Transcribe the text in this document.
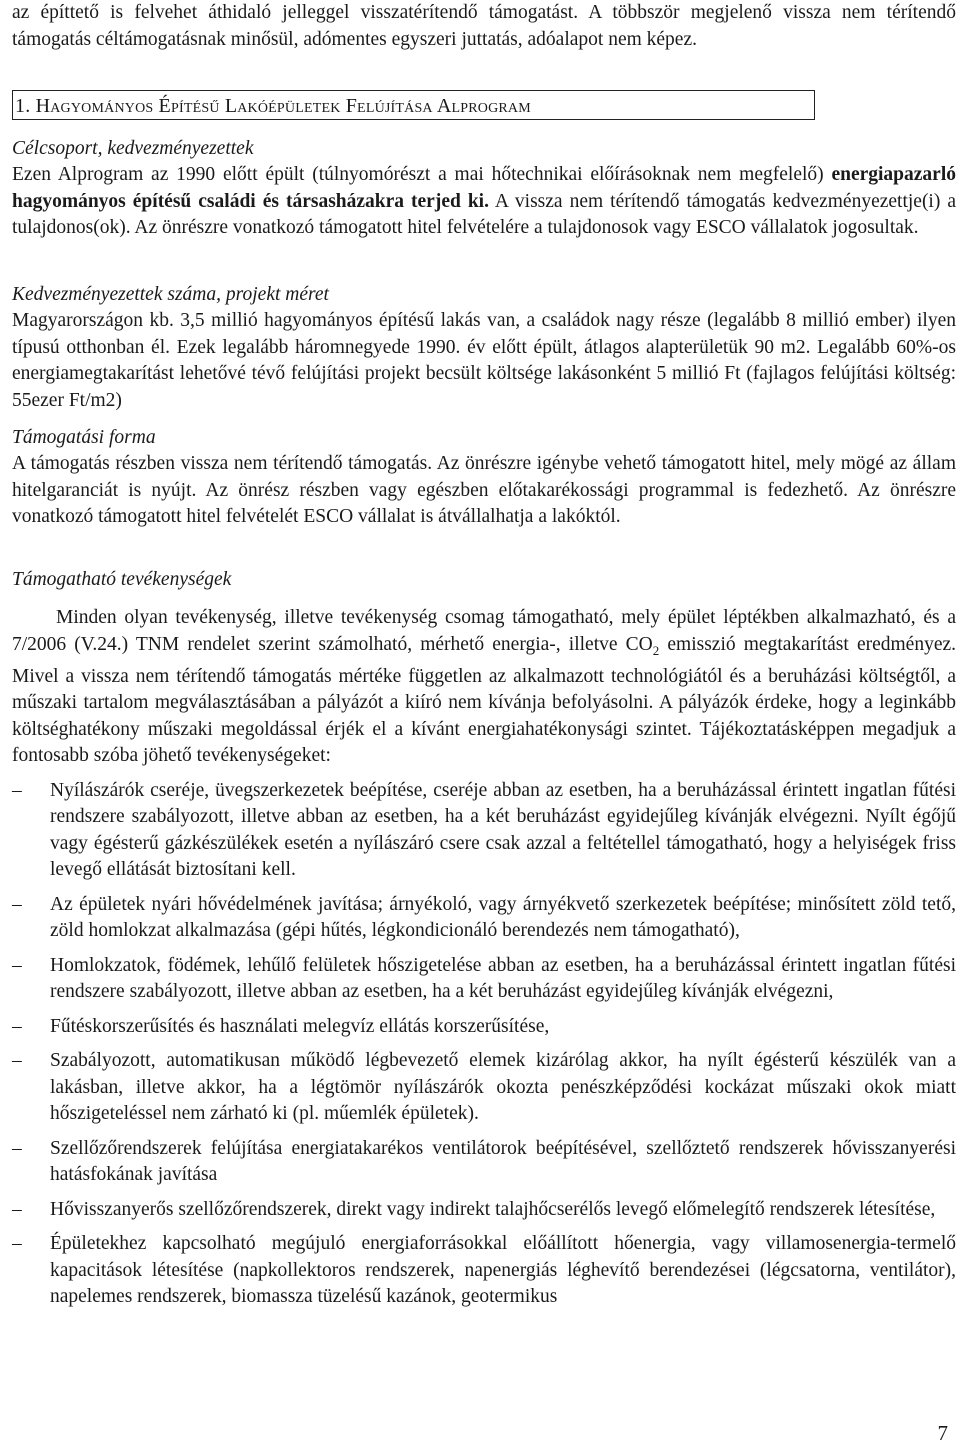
az építtető is felvehet áthidaló jelleggel visszatérítendő támogatást. A többször megjelenő vissza nem térítendő támogatás céltámogatásnak minősül, adómentes egyszeri juttatás, adóalapot nem képez.

1. Hagyományos Építésű Lakóépületek Felújítása Alprogram

Célcsoport, kedvezményezettek

Ezen Alprogram az 1990 előtt épült (túlnyomórészt a mai hőtechnikai előírásoknak nem megfelelő) energiapazarló hagyományos építésű családi és társasházakra terjed ki. A vissza nem térítendő támogatás kedvezményezettje(i) a tulajdonos(ok). Az önrészre vonatkozó támogatott hitel felvételére a tulajdonosok vagy ESCO vállalatok jogosultak.

Kedvezményezettek száma, projekt méret

Magyarországon kb. 3,5 millió hagyományos építésű lakás van, a családok nagy része (legalább 8 millió ember) ilyen típusú otthonban él. Ezek legalább háromnegyede 1990. év előtt épült, átlagos alapterületük 90 m2. Legalább 60%-os energiamegtakarítást lehetővé tévő felújítási projekt becsült költsége lakásonként 5 millió Ft (fajlagos felújítási költség: 55ezer Ft/m2)

Támogatási forma

A támogatás részben vissza nem térítendő támogatás. Az önrészre igénybe vehető támogatott hitel, mely mögé az állam hitelgaranciát is nyújt. Az önrész részben vagy egészben előtakarékossági programmal is fedezhető. Az önrészre vonatkozó támogatott hitel felvételét ESCO vállalat is átvállalhatja a lakóktól.

Támogatható tevékenységek

Minden olyan tevékenység, illetve tevékenység csomag támogatható, mely épület léptékben alkalmazható, és a 7/2006 (V.24.) TNM rendelet szerint számolható, mérhető energia-, illetve $CO_2$ emisszió megtakarítást eredményez. Mivel a vissza nem térítendő támogatás mértéke független az alkalmazott technológiától és a beruházási költségtől, a műszaki tartalom megválasztásában a pályázót a kiíró nem kívánja befolyásolni. A pályázók érdeke, hogy a leginkább költséghatékony műszaki megoldással érjék el a kívánt energiahatékonysági szintet. Tájékoztatásképpen megadjuk a fontosabb szóba jöhető tevékenységeket:

– Nyílászárók cseréje, üvegszerkezetek beépítése, cseréje abban az esetben, ha a beruházással érintett ingatlan fűtési rendszere szabályozott, illetve abban az esetben, ha a két beruházást egyidejűleg kívánják elvégezni. Nyílt égőjű vagy égésterű gázkészülékek esetén a nyílászáró csere csak azzal a feltétellel támogatható, hogy a helyiségek friss levegő ellátását biztosítani kell.
– Az épületek nyári hővédelmének javítása; árnyékoló, vagy árnyékvető szerkezetek beépítése; minősített zöld tető, zöld homlokzat alkalmazása (gépi hűtés, légkondicionáló berendezés nem támogatható),
– Homlokzatok, födémek, lehűlő felületek hőszigetelése abban az esetben, ha a beruházással érintett ingatlan fűtési rendszere szabályozott, illetve abban az esetben, ha a két beruházást egyidejűleg kívánják elvégezni,
– Fűtéskorszerűsítés és használati melegvíz ellátás korszerűsítése,
– Szabályozott, automatikusan működő légbevezető elemek kizárólag akkor, ha nyílt égésterű készülék van a lakásban, illetve akkor, ha a légtömör nyílászárók okozta penészképződési kockázat műszaki okok miatt hőszigeteléssel nem zárható ki (pl. műemlék épületek).
– Szellőzőrendszerek felújítása energiatakarékos ventilátorok beépítésével, szellőztető rendszerek hővisszanyerési hatásfokának javítása
– Hővisszanyerős szellőzőrendszerek, direkt vagy indirekt talajhőcserélős levegő előmelegítő rendszerek létesítése,
– Épületekhez kapcsolható megújuló energiaforrásokkal előállított hőenergia, vagy villamosenergia-termelő kapacitások létesítése (napkollektoros rendszerek, napenergiás léghevítő berendezései (légcsatorna, ventilátor), napelemes rendszerek, biomassza tüzelésű kazánok, geotermikus
7
